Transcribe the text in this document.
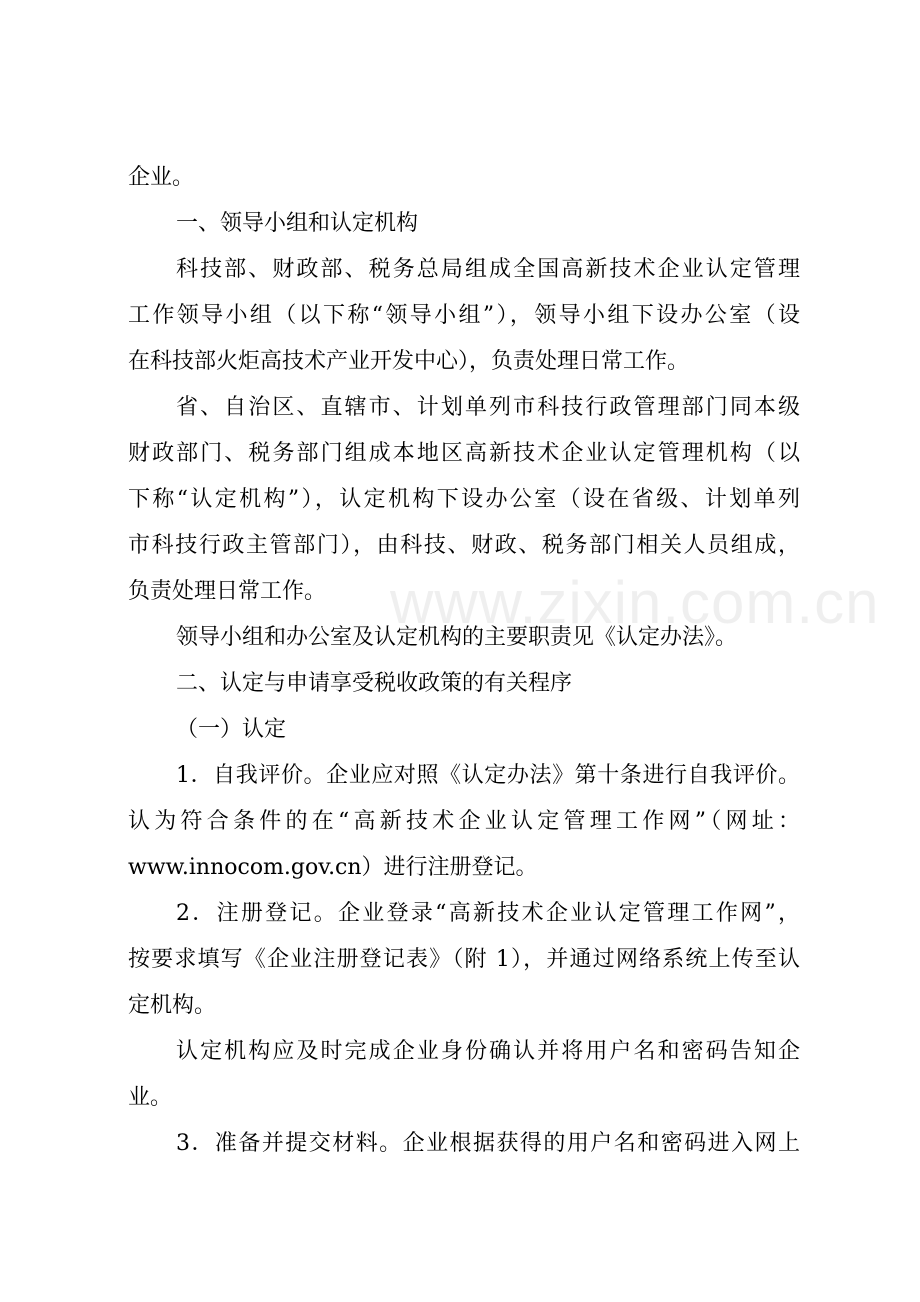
www.zixin.com.cn
企业。
一、领导小组和认定机构
科技部、财政部、税务总局组成全国高新技术企业认定管理
工作领导小组（以下称“领导小组”），领导小组下设办公室（设
在科技部火炬高技术产业开发中心），负责处理日常工作。
省、自治区、直辖市、计划单列市科技行政管理部门同本级
财政部门、税务部门组成本地区高新技术企业认定管理机构（以
下称“认定机构”），认定机构下设办公室（设在省级、计划单列
市科技行政主管部门），由科技、财政、税务部门相关人员组成，
负责处理日常工作。
领导小组和办公室及认定机构的主要职责见《认定办法》。
二、认定与申请享受税收政策的有关程序
（一）认定
1．自我评价。企业应对照《认定办法》第十条进行自我评价。
认为符合条件的在“高新技术企业认定管理工作网”（网址：
www.innocom.gov.cn）进行注册登记。
2．注册登记。企业登录“高新技术企业认定管理工作网”，
按要求填写《企业注册登记表》（附 1），并通过网络系统上传至认
定机构。
认定机构应及时完成企业身份确认并将用户名和密码告知企
业。
3．准备并提交材料。企业根据获得的用户名和密码进入网上
